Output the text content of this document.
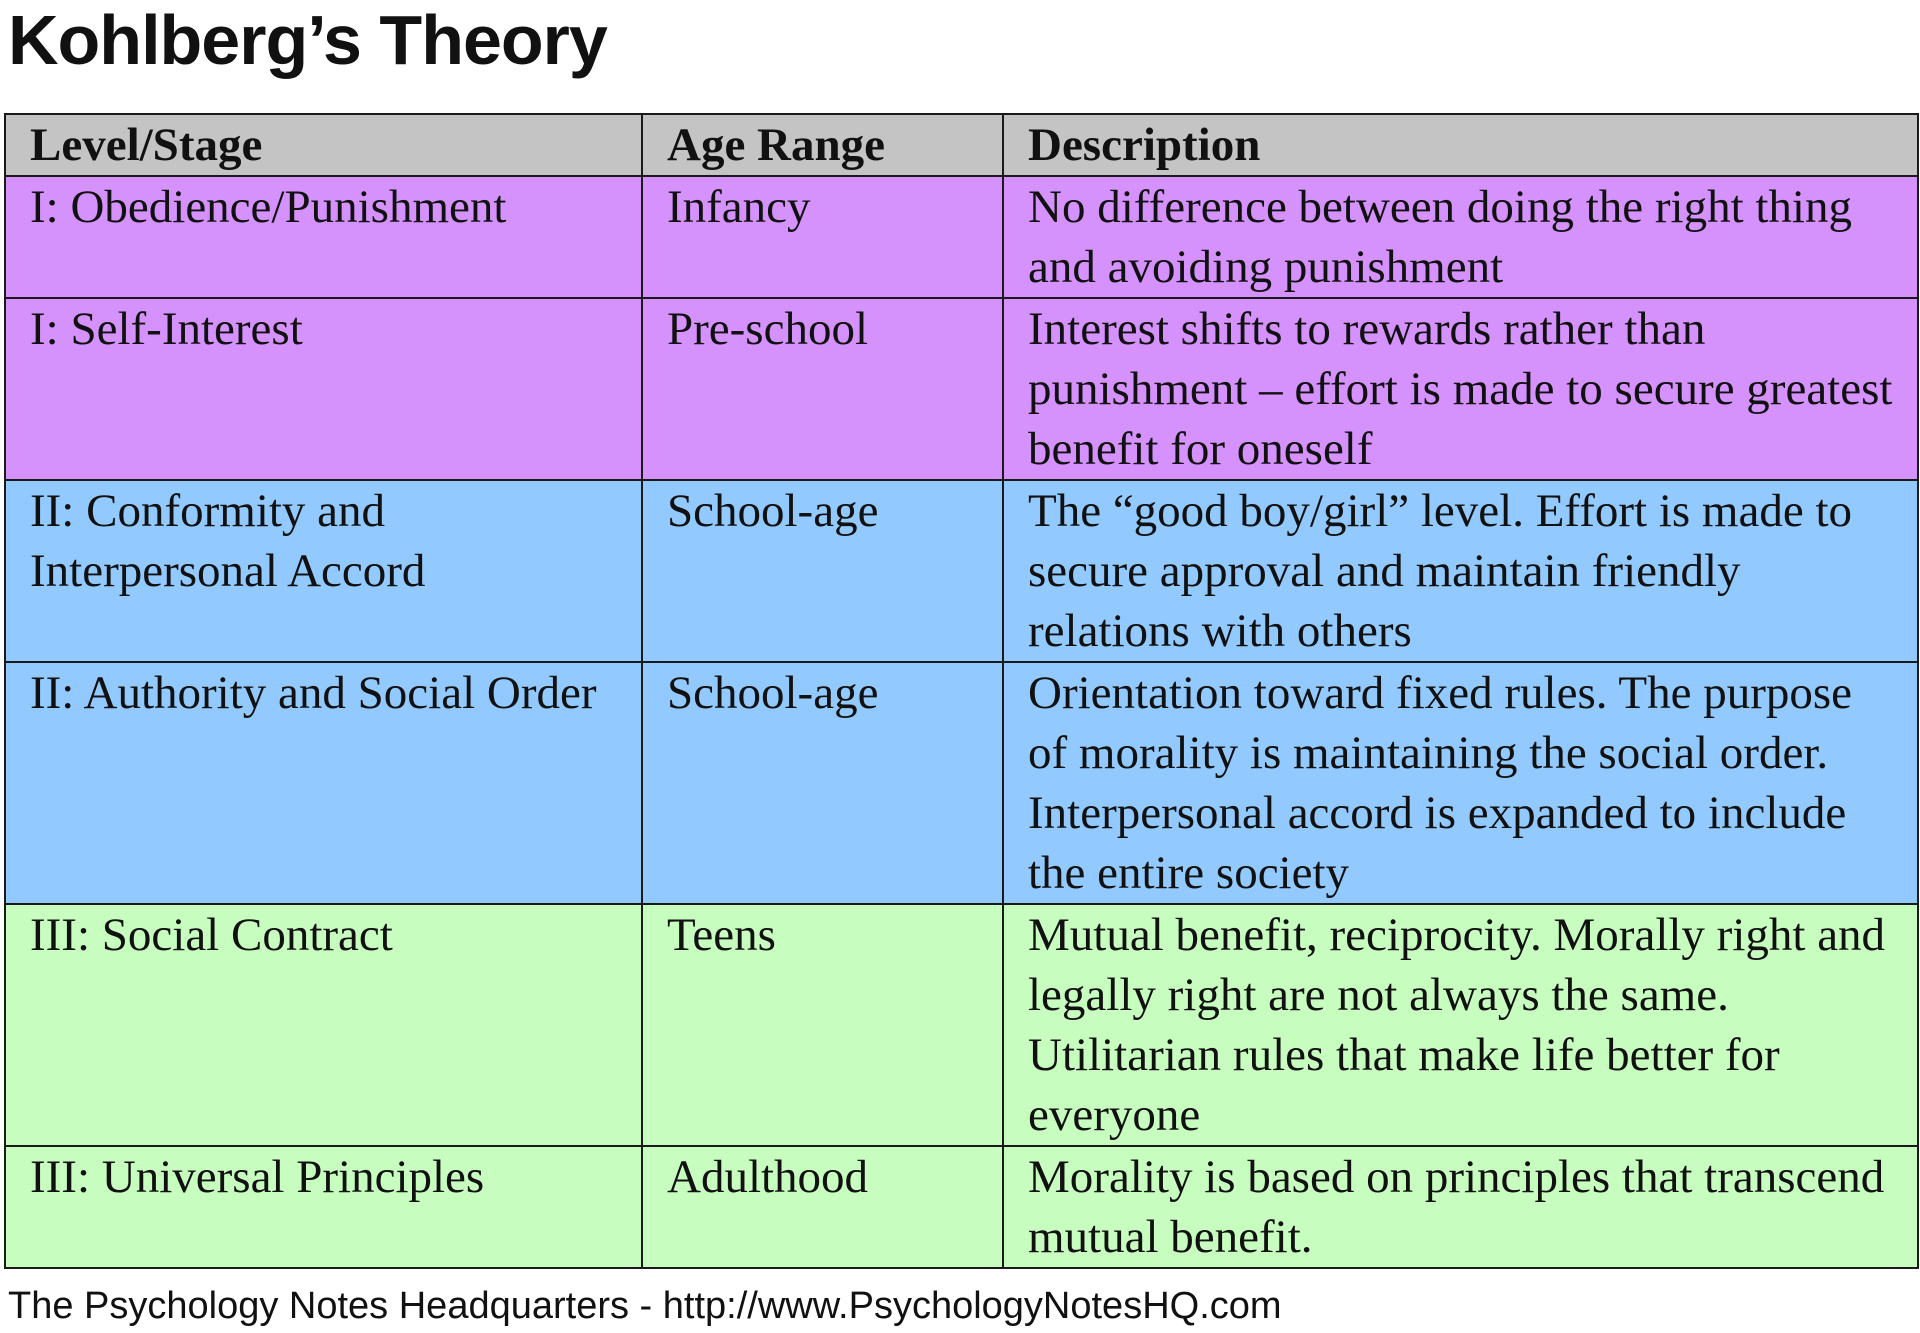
Kohlberg’s Theory
Level/Stage	Age Range	Description
I: Obedience/Punishment	Infancy	No difference between doing the right thing and avoiding punishment
I: Self-Interest	Pre-school	Interest shifts to rewards rather than punishment – effort is made to secure greatest benefit for oneself
II: Conformity and Interpersonal Accord	School-age	The “good boy/girl” level. Effort is made to secure approval and maintain friendly relations with others
II: Authority and Social Order	School-age	Orientation toward fixed rules. The purpose of morality is maintaining the social order. Interpersonal accord is expanded to include the entire society
III: Social Contract	Teens	Mutual benefit, reciprocity. Morally right and legally right are not always the same. Utilitarian rules that make life better for everyone
III: Universal Principles	Adulthood	Morality is based on principles that transcend mutual benefit.
The Psychology Notes Headquarters - http://www.PsychologyNotesHQ.com
